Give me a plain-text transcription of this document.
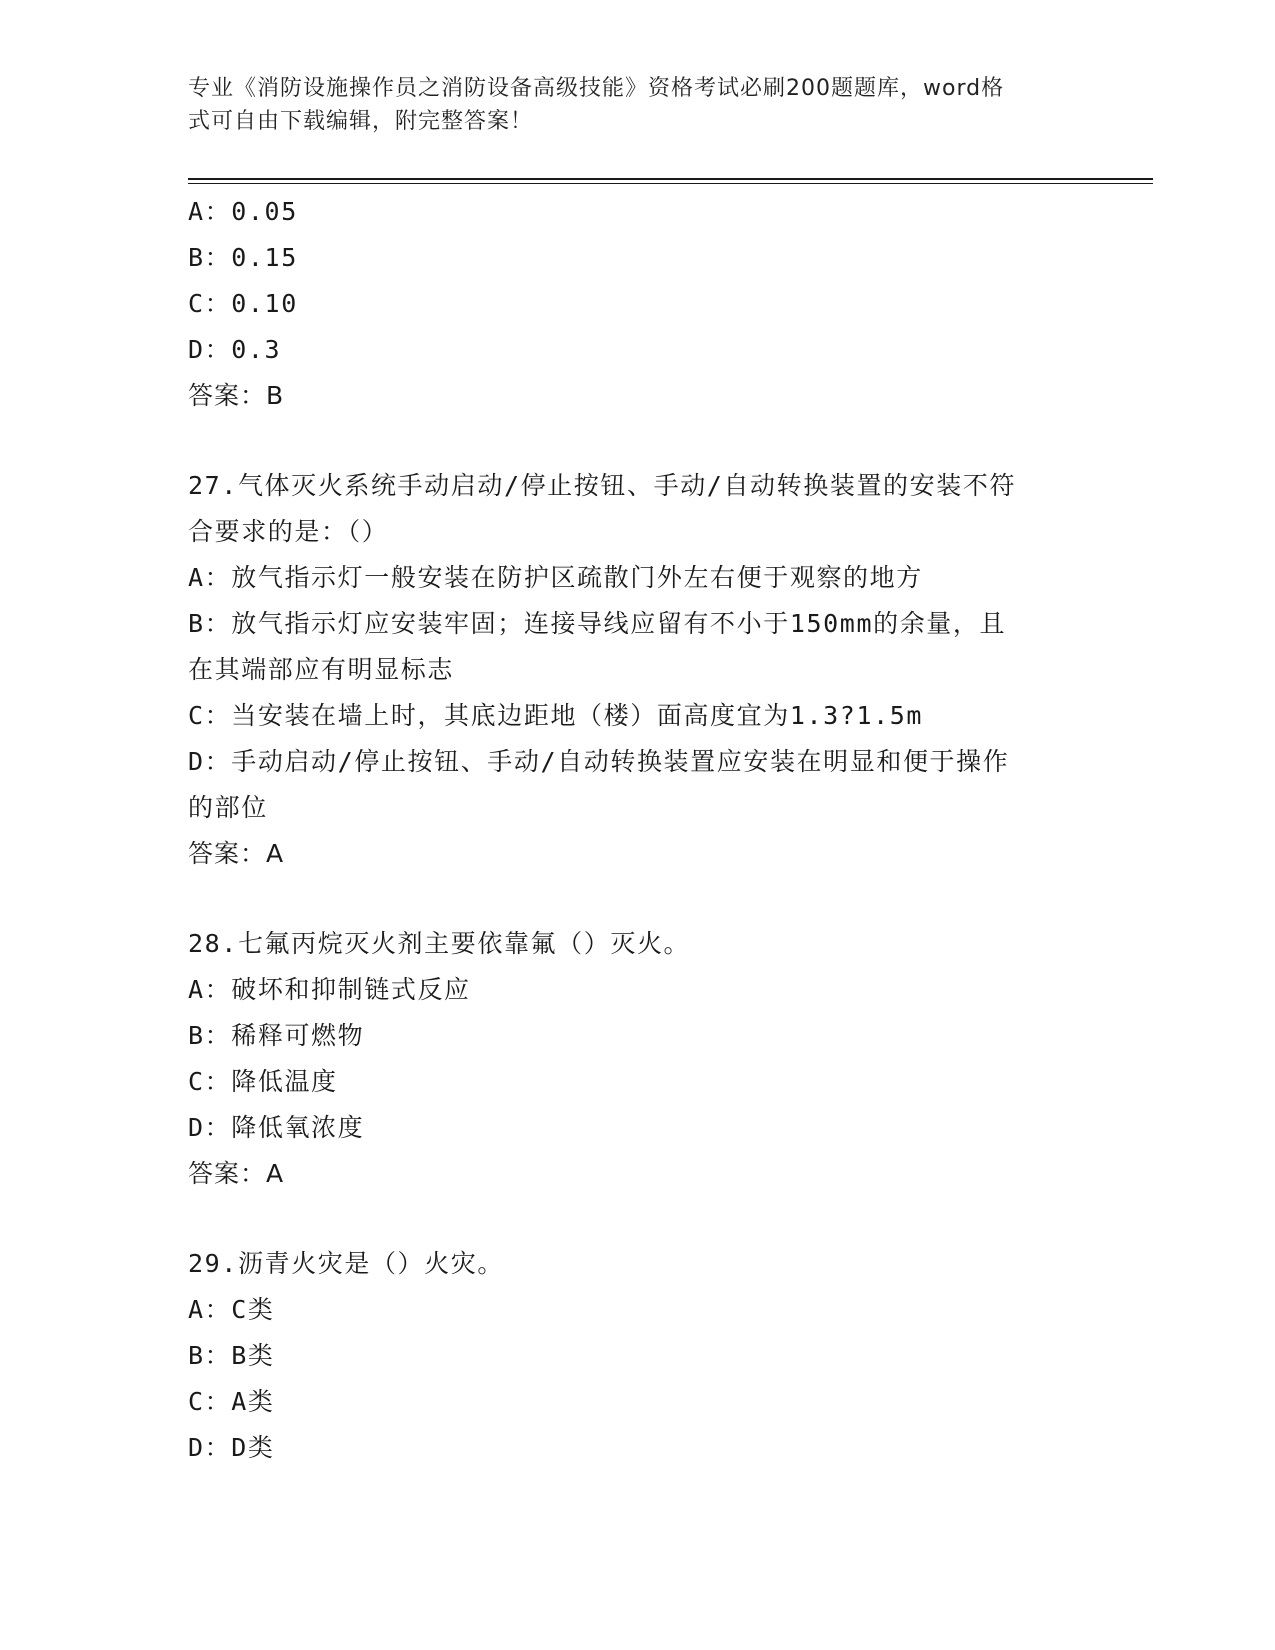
专业《消防设施操作员之消防设备高级技能》资格考试必刷200题题库，word格
式可自由下载编辑，附完整答案！

A：0.05

B：0.15

C：0.10

D：0.3

答案：B

27.气体灭火系统手动启动/停止按钮、手动/自动转换装置的安装不符

合要求的是：（）

A：放气指示灯一般安装在防护区疏散门外左右便于观察的地方

B：放气指示灯应安装牢固；连接导线应留有不小于150mm的余量，且

在其端部应有明显标志

C：当安装在墙上时，其底边距地（楼）面高度宜为1.3?1.5m

D：手动启动/停止按钮、手动/自动转换装置应安装在明显和便于操作

的部位

答案：A

28.七氟丙烷灭火剂主要依靠氟（）灭火。

A：破坏和抑制链式反应

B：稀释可燃物

C：降低温度

D：降低氧浓度

答案：A

29.沥青火灾是（）火灾。

A：C类

B：B类

C：A类

D：D类
